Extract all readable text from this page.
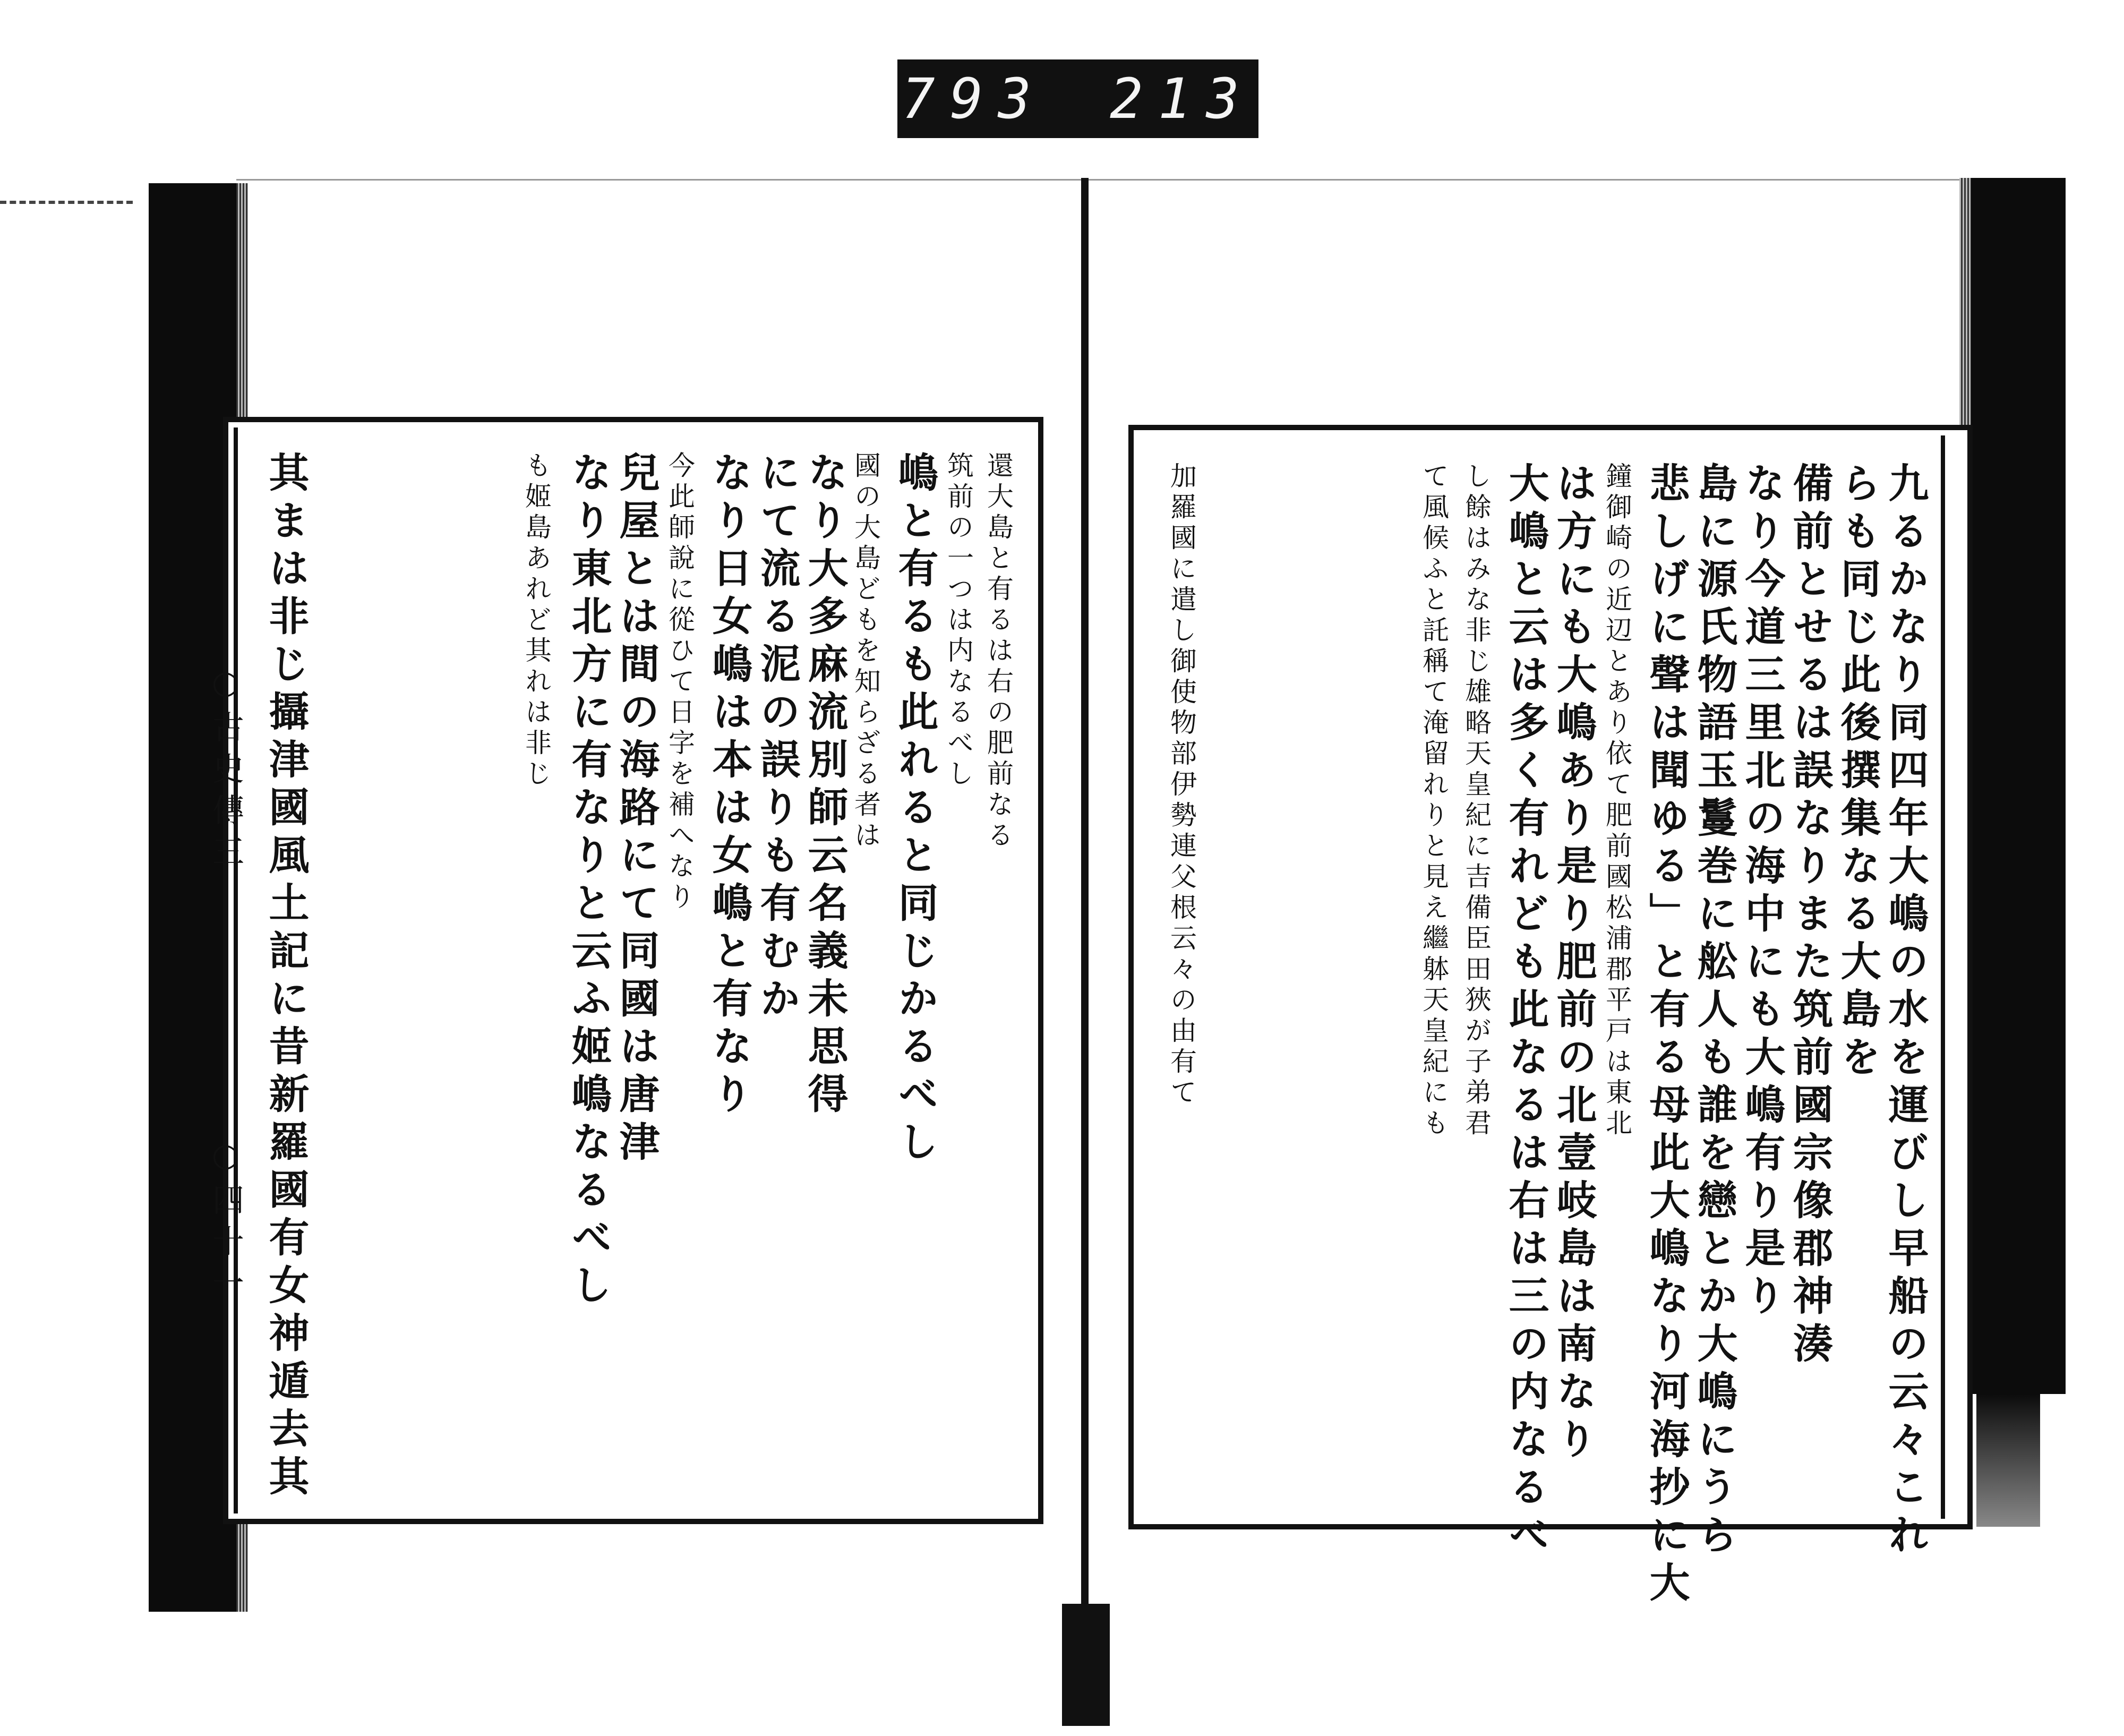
793 213
○古史傳三
○四十一
還大島と有るは右の肥前なる
筑前の一つは内なるべし
嶋と有るも此れると同じかるべし
國の大島どもを知らざる者は
なり大多麻流別師云名義未思得
にて流る泥の誤りも有むか
なり日女嶋は本は女嶋と有なり
今此師說に從ひて日字を補へなり
兒屋とは間の海路にて同國は唐津
なり東北方に有なりと云ふ姬嶋なるべし
も姬島あれど其れは非じ
其まは非じ攝津國風土記に昔新羅國有女神遁去其	九るかなり同四年大嶋の水を運びし早船の云々これ
らも同じ此後撰集なる大島を
備前とせるは誤なりまた筑前國宗像郡神湊
なり今道三里北の海中にも大嶋有り是り
島に源氏物語玉鬘巻に舩人も誰を戀とか大嶋にうら
悲しげに聲は聞ゆる」と有る母此大嶋なり河海抄に大
鐘御崎の近辺とあり依て肥前國松浦郡平戸は東北
は方にも大嶋あり是り肥前の北壹岐島は南なり
大嶋と云は多く有れども此なるは右は三の内なるべ
し餘はみな非じ雄略天皇紀に吉備臣田狹が子弟君
て風候ふと託稱て淹留れりと見え繼躰天皇紀にも
加羅國に遣し御使物部伊勢連父根云々の由有て
